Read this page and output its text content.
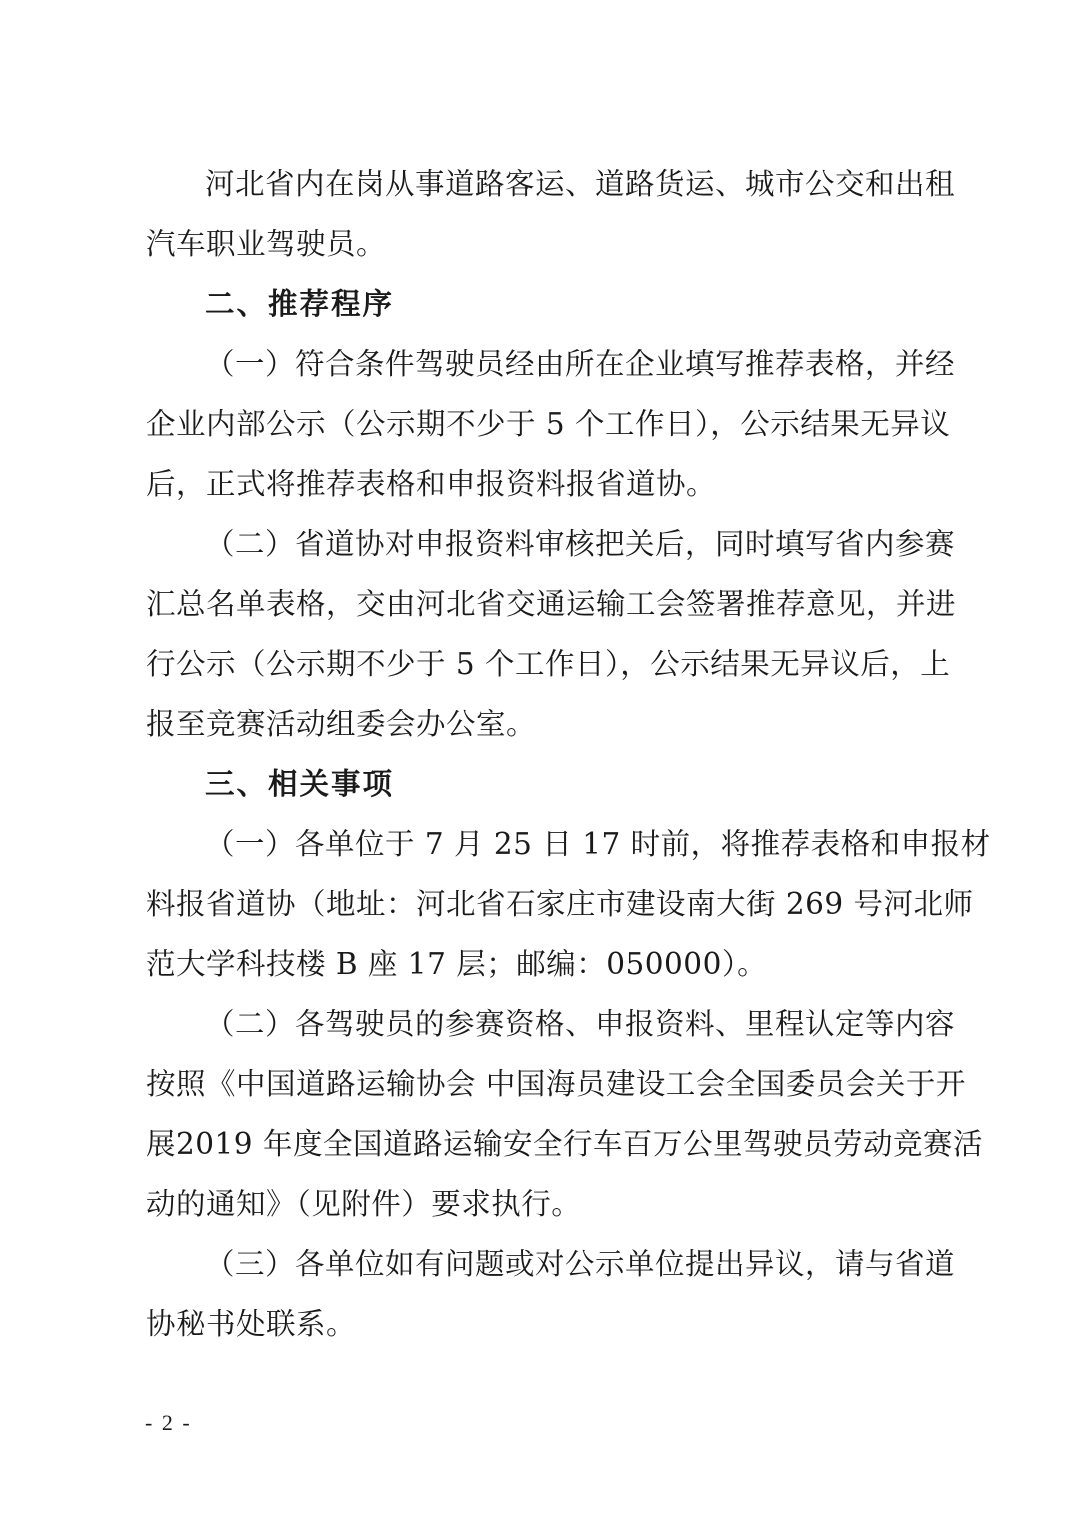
河北省内在岗从事道路客运、道路货运、城市公交和出租
汽车职业驾驶员。
二、推荐程序
（一）符合条件驾驶员经由所在企业填写推荐表格，并经
企业内部公示（公示期不少于 5 个工作日），公示结果无异议
后，正式将推荐表格和申报资料报省道协。
（二）省道协对申报资料审核把关后，同时填写省内参赛
汇总名单表格，交由河北省交通运输工会签署推荐意见，并进
行公示（公示期不少于 5 个工作日），公示结果无异议后，上
报至竞赛活动组委会办公室。
三、相关事项
（一）各单位于 7 月 25 日 17 时前，将推荐表格和申报材
料报省道协（地址：河北省石家庄市建设南大街 269 号河北师
范大学科技楼 B 座 17 层；邮编：050000）。
（二）各驾驶员的参赛资格、申报资料、里程认定等内容
按照《中国道路运输协会 中国海员建设工会全国委员会关于开
展2019 年度全国道路运输安全行车百万公里驾驶员劳动竞赛活
动的通知》（见附件）要求执行。
（三）各单位如有问题或对公示单位提出异议，请与省道
协秘书处联系。
- 2 -
